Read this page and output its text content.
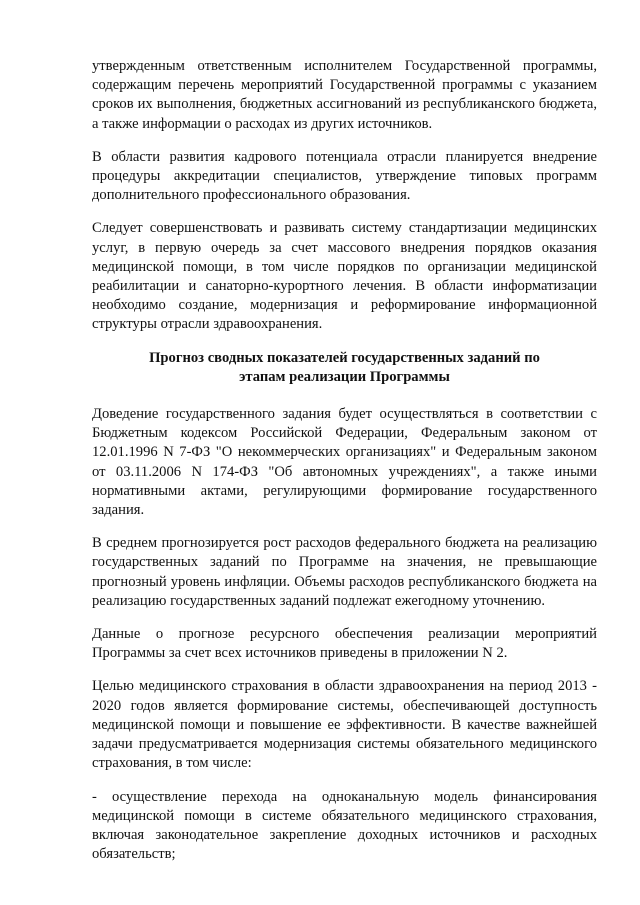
утвержденным ответственным исполнителем Государственной программы, содержащим перечень мероприятий Государственной программы с указанием сроков их выполнения, бюджетных ассигнований из республиканского бюджета, а также информации о расходах из других источников.

В области развития кадрового потенциала отрасли планируется внедрение процедуры аккредитации специалистов, утверждение типовых программ дополнительного профессионального образования.

Следует совершенствовать и развивать систему стандартизации медицинских услуг, в первую очередь за счет массового внедрения порядков оказания медицинской помощи, в том числе порядков по организации медицинской реабилитации и санаторно-курортного лечения. В области информатизации необходимо создание, модернизация и реформирование информационной структуры отрасли здравоохранения.

Прогноз сводных показателей государственных заданий по
этапам реализации Программы

Доведение государственного задания будет осуществляться в соответствии с Бюджетным кодексом Российской Федерации, Федеральным законом от 12.01.1996 N 7-ФЗ "О некоммерческих организациях" и Федеральным законом от 03.11.2006 N 174-ФЗ "Об автономных учреждениях", а также иными нормативными актами, регулирующими формирование государственного задания.

В среднем прогнозируется рост расходов федерального бюджета на реализацию государственных заданий по Программе на значения, не превышающие прогнозный уровень инфляции. Объемы расходов республиканского бюджета на реализацию государственных заданий подлежат ежегодному уточнению.

Данные о прогнозе ресурсного обеспечения реализации мероприятий Программы за счет всех источников приведены в приложении N 2.

Целью медицинского страхования в области здравоохранения на период 2013 - 2020 годов является формирование системы, обеспечивающей доступность медицинской помощи и повышение ее эффективности. В качестве важнейшей задачи предусматривается модернизация системы обязательного медицинского страхования, в том числе:

- осуществление перехода на одноканальную модель финансирования медицинской помощи в системе обязательного медицинского страхования, включая законодательное закрепление доходных источников и расходных обязательств;
